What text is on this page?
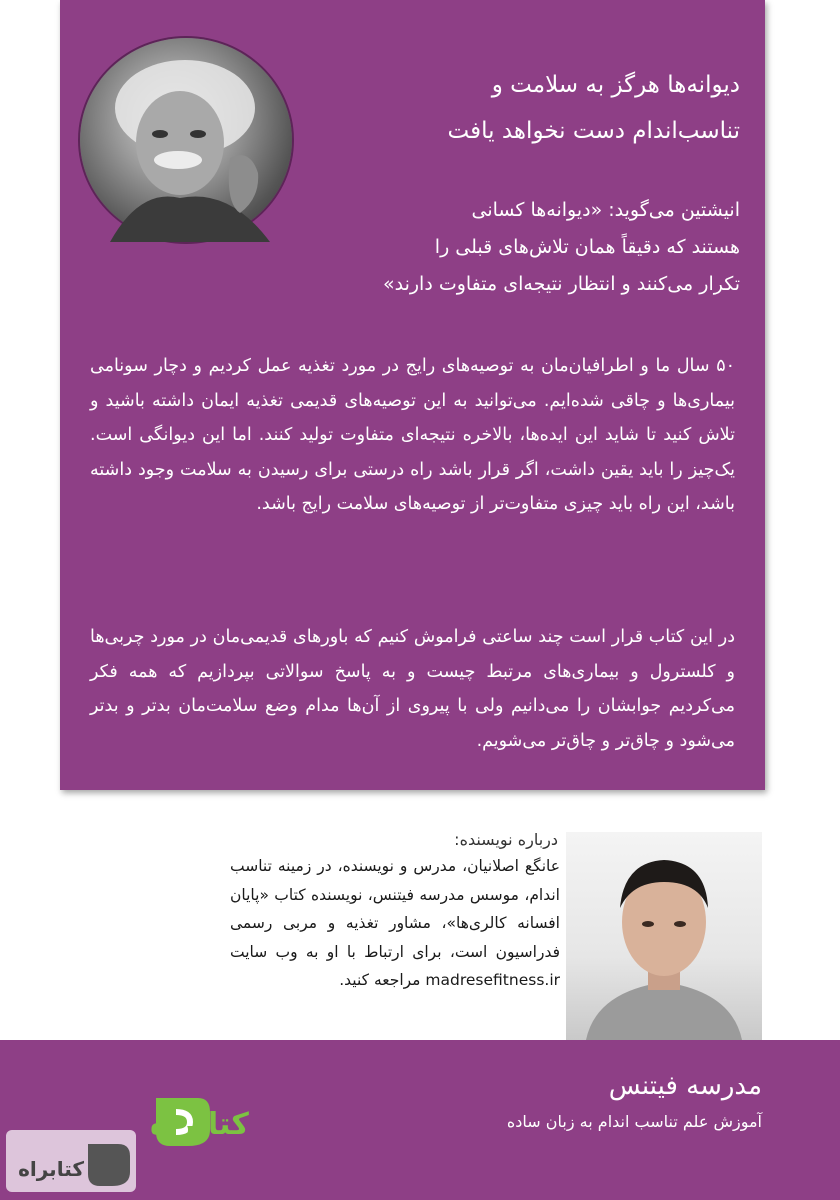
دیوانه‌ها هرگز به سلامت و
تناسب‌اندام دست نخواهد یافت
انیشتین می‌گوید: «دیوانه‌ها کسانی
هستند که دقیقاً همان تلاش‌های قبلی را
تکرار می‌کنند و انتظار نتیجه‌ای متفاوت دارند»
۵۰ سال ما و اطرافیان‌مان به توصیه‌های رایج در مورد تغذیه عمل کردیم و دچار سونامی بیماری‌ها و چاقی شده‌ایم. می‌توانید به این توصیه‌های قدیمی تغذیه ایمان داشته باشید و تلاش کنید تا شاید این ایده‌ها، بالاخره نتیجه‌ای متفاوت تولید کنند. اما این دیوانگی است. یک‌چیز را باید یقین داشت، اگر قرار باشد راه درستی برای رسیدن به سلامت وجود داشته باشد، این راه باید چیزی متفاوت‌تر از توصیه‌های سلامت رایج باشد.
در این کتاب قرار است چند ساعتی فراموش کنیم که باورهای قدیمی‌مان در مورد چربی‌ها و کلسترول و بیماری‌های مرتبط چیست و به پاسخ سوالاتی بپردازیم که همه فکر می‌کردیم جوابشان را می‌دانیم ولی با پیروی از آن‌ها مدام وضع سلامت‌مان بدتر و بدتر می‌شود و چاق‌تر و چاق‌تر می‌شویم.
درباره نویسنده:
عانگع اصلانیان، مدرس و نویسنده، در زمینه تناسب اندام، موسس مدرسه فیتنس، نویسنده کتاب «پایان افسانه کالری‌ها»، مشاور تغذیه و مربی رسمی فدراسیون است، برای ارتباط با او به وب سایت madresefitness.ir مراجعه کنید.
مدرسه فیتنس
آموزش علم تناسب اندام به زبان ساده
کتابراه
کتابراه
